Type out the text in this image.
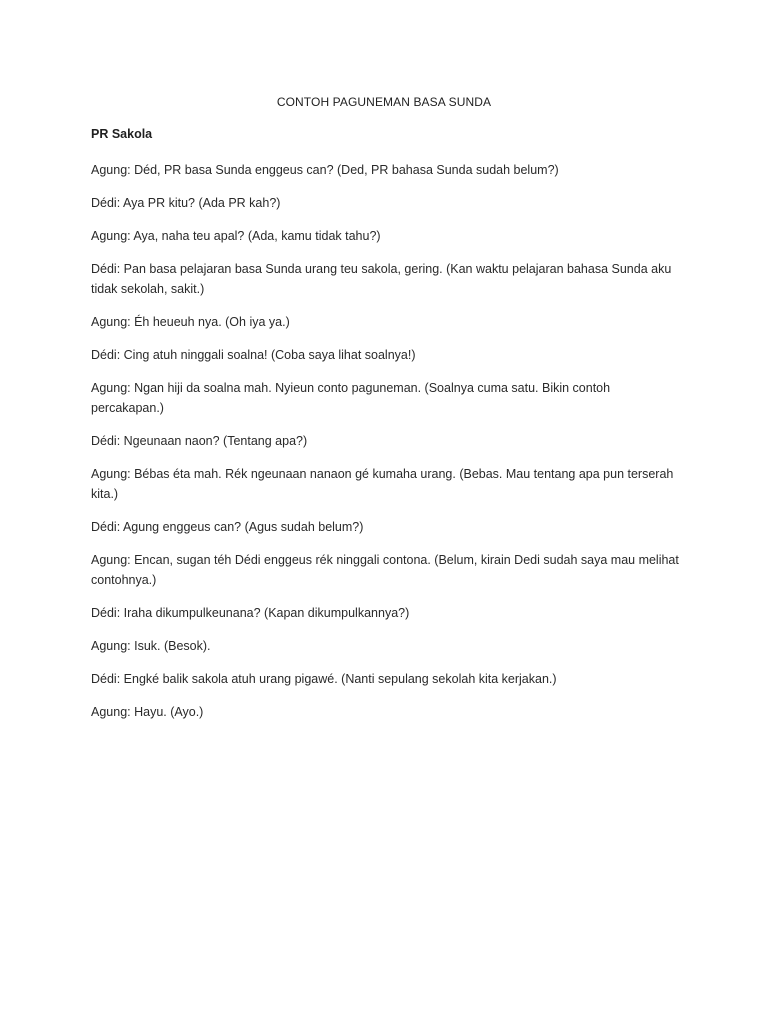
CONTOH PAGUNEMAN BASA SUNDA
PR Sakola

Agung: Déd, PR basa Sunda enggeus can? (Ded, PR bahasa Sunda sudah belum?)

Dédi: Aya PR kitu? (Ada PR kah?)

Agung: Aya, naha teu apal? (Ada, kamu tidak tahu?)

Dédi: Pan basa pelajaran basa Sunda urang teu sakola, gering. (Kan waktu pelajaran bahasa Sunda aku tidak sekolah, sakit.)

Agung: Éh heueuh nya. (Oh iya ya.)

Dédi: Cing atuh ninggali soalna! (Coba saya lihat soalnya!)

Agung: Ngan hiji da soalna mah. Nyieun conto paguneman. (Soalnya cuma satu. Bikin contoh percakapan.)

Dédi: Ngeunaan naon? (Tentang apa?)

Agung: Bébas éta mah. Rék ngeunaan nanaon gé kumaha urang. (Bebas. Mau tentang apa pun terserah kita.)

Dédi: Agung enggeus can? (Agus sudah belum?)

Agung: Encan, sugan téh Dédi enggeus rék ninggali contona. (Belum, kirain Dedi sudah saya mau melihat contohnya.)

Dédi: Iraha dikumpulkeunana? (Kapan dikumpulkannya?)

Agung: Isuk. (Besok).

Dédi: Engké balik sakola atuh urang pigawé. (Nanti sepulang sekolah kita kerjakan.)

Agung: Hayu. (Ayo.)
